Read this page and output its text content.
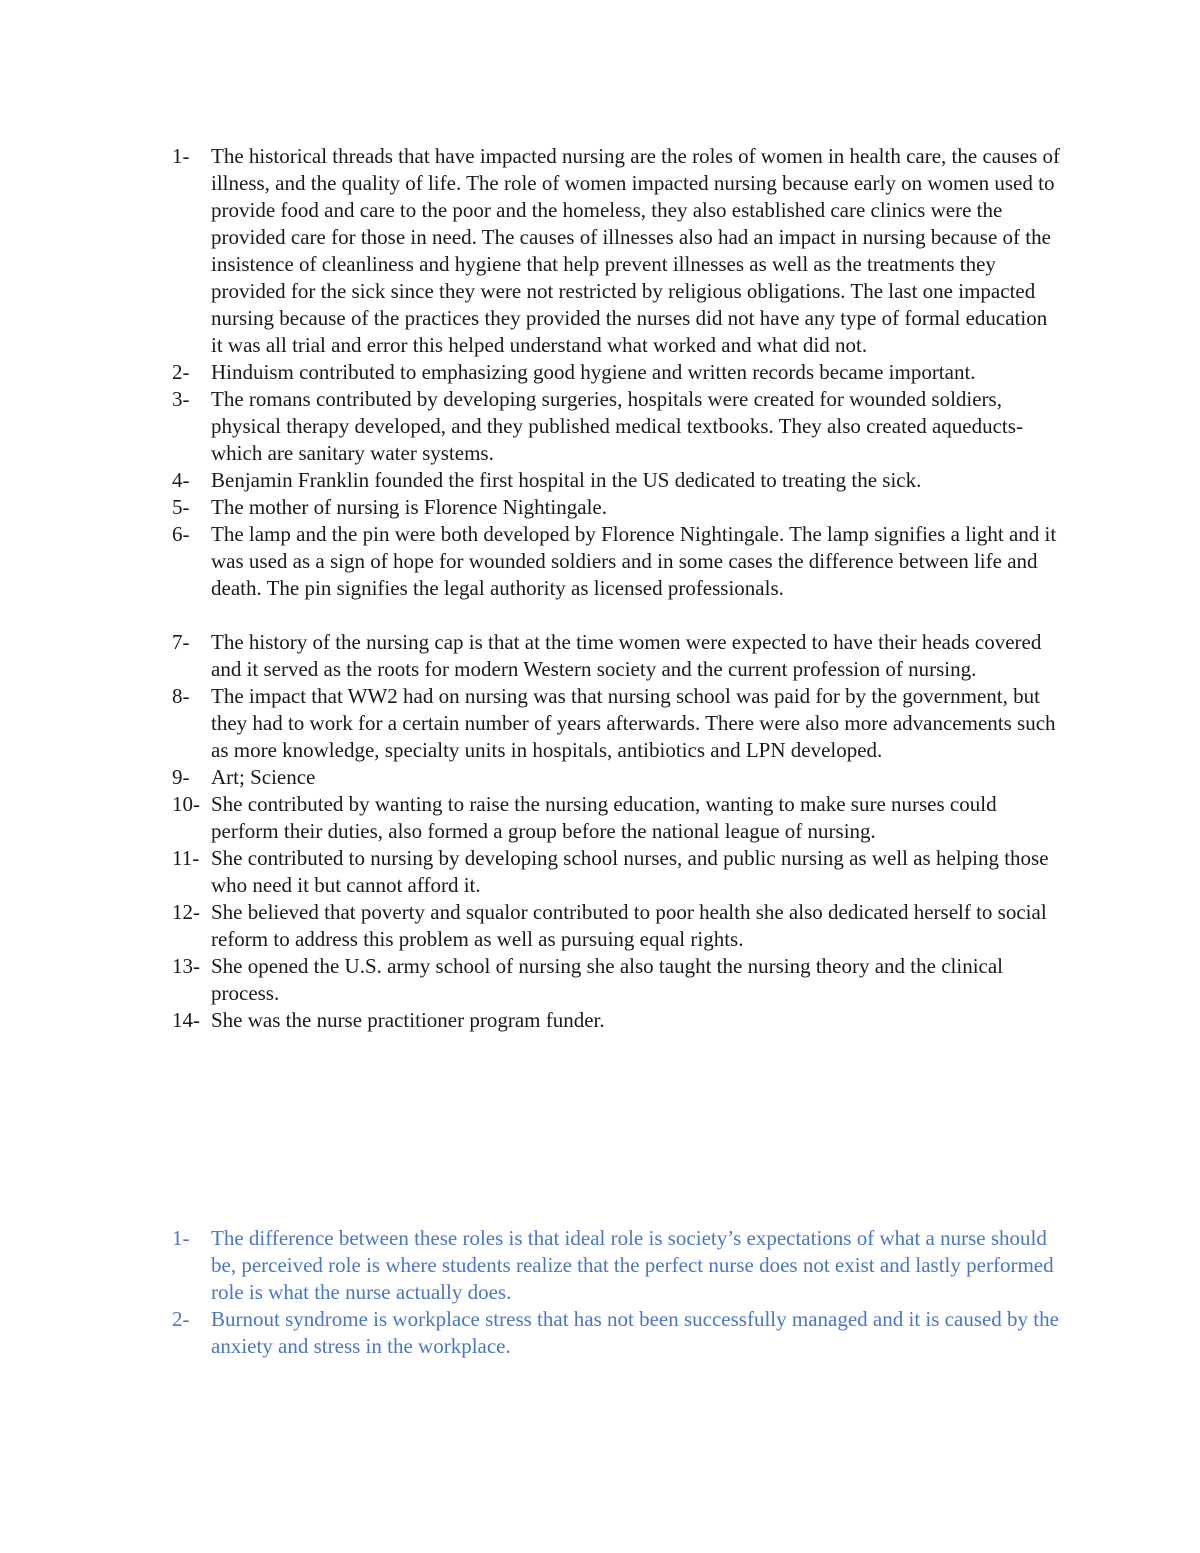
1- The historical threads that have impacted nursing are the roles of women in health care, the causes of illness, and the quality of life. The role of women impacted nursing because early on women used to provide food and care to the poor and the homeless, they also established care clinics were the provided care for those in need. The causes of illnesses also had an impact in nursing because of the insistence of cleanliness and hygiene that help prevent illnesses as well as the treatments they provided for the sick since they were not restricted by religious obligations. The last one impacted nursing because of the practices they provided the nurses did not have any type of formal education it was all trial and error this helped understand what worked and what did not.
2- Hinduism contributed to emphasizing good hygiene and written records became important.
3- The romans contributed by developing surgeries, hospitals were created for wounded soldiers, physical therapy developed, and they published medical textbooks. They also created aqueducts- which are sanitary water systems.
4- Benjamin Franklin founded the first hospital in the US dedicated to treating the sick.
5- The mother of nursing is Florence Nightingale.
6- The lamp and the pin were both developed by Florence Nightingale. The lamp signifies a light and it was used as a sign of hope for wounded soldiers and in some cases the difference between life and death. The pin signifies the legal authority as licensed professionals.
7- The history of the nursing cap is that at the time women were expected to have their heads covered and it served as the roots for modern Western society and the current profession of nursing.
8- The impact that WW2 had on nursing was that nursing school was paid for by the government, but they had to work for a certain number of years afterwards. There were also more advancements such as more knowledge, specialty units in hospitals, antibiotics and LPN developed.
9- Art; Science
10- She contributed by wanting to raise the nursing education, wanting to make sure nurses could perform their duties, also formed a group before the national league of nursing.
11- She contributed to nursing by developing school nurses, and public nursing as well as helping those who need it but cannot afford it.
12- She believed that poverty and squalor contributed to poor health she also dedicated herself to social reform to address this problem as well as pursuing equal rights.
13- She opened the U.S. army school of nursing she also taught the nursing theory and the clinical process.
14- She was the nurse practitioner program funder.
1- The difference between these roles is that ideal role is society’s expectations of what a nurse should be, perceived role is where students realize that the perfect nurse does not exist and lastly performed role is what the nurse actually does.
2- Burnout syndrome is workplace stress that has not been successfully managed and it is caused by the anxiety and stress in the workplace.
